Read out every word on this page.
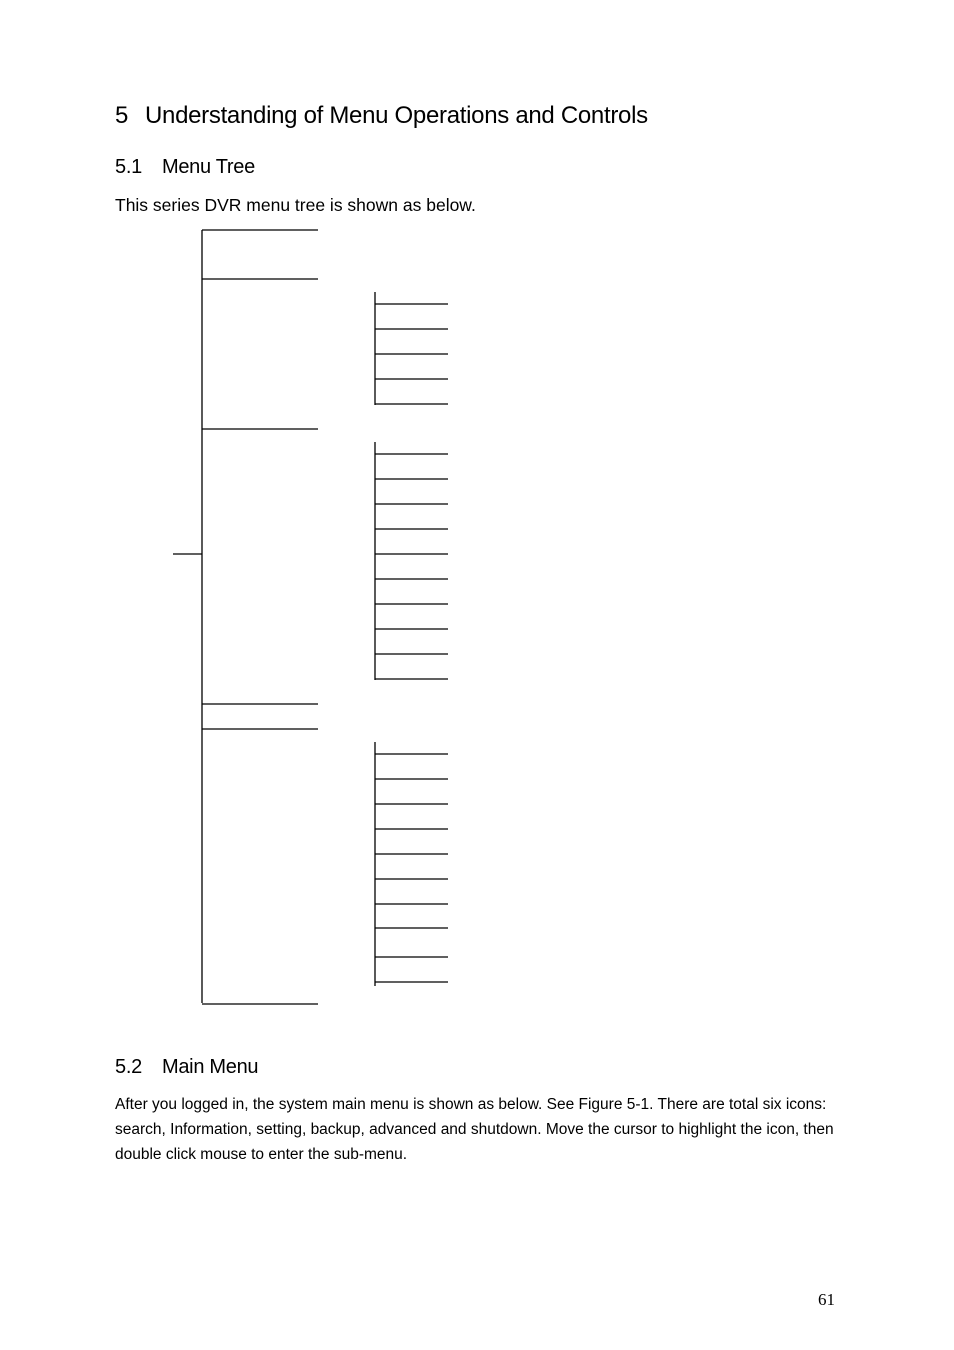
5 Understanding of Menu Operations and Controls
5.1 Menu Tree

This series DVR menu tree is shown as below.

5.2 Main Menu

After you logged in, the system main menu is shown as below. See Figure 5-1. There are total six icons: search, Information, setting, backup, advanced and shutdown. Move the cursor to highlight the icon, then double click mouse to enter the sub-menu.

61
